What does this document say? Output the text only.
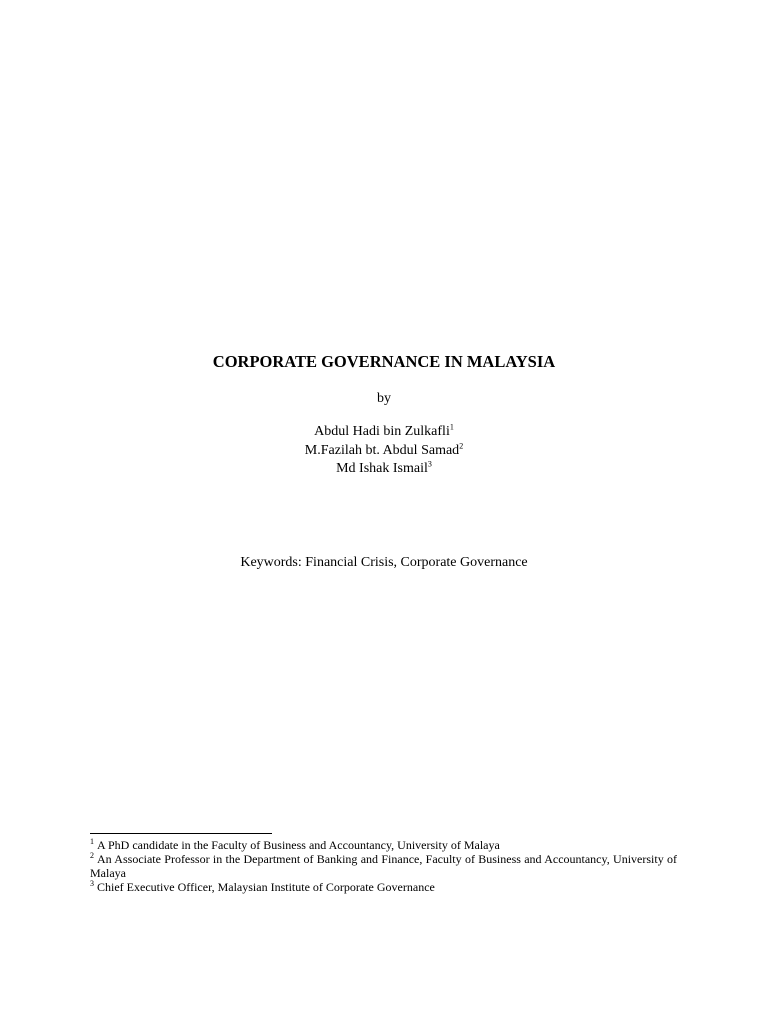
CORPORATE GOVERNANCE IN MALAYSIA
by
Abdul Hadi bin Zulkafli$^1$
M.Fazilah bt. Abdul Samad$^2$
Md Ishak Ismail$^3$
Keywords: Financial Crisis, Corporate Governance
$^1$ A PhD candidate in the Faculty of Business and Accountancy, University of Malaya
$^2$ An Associate Professor in the Department of Banking and Finance, Faculty of Business and Accountancy, University of Malaya
$^3$ Chief Executive Officer, Malaysian Institute of Corporate Governance
